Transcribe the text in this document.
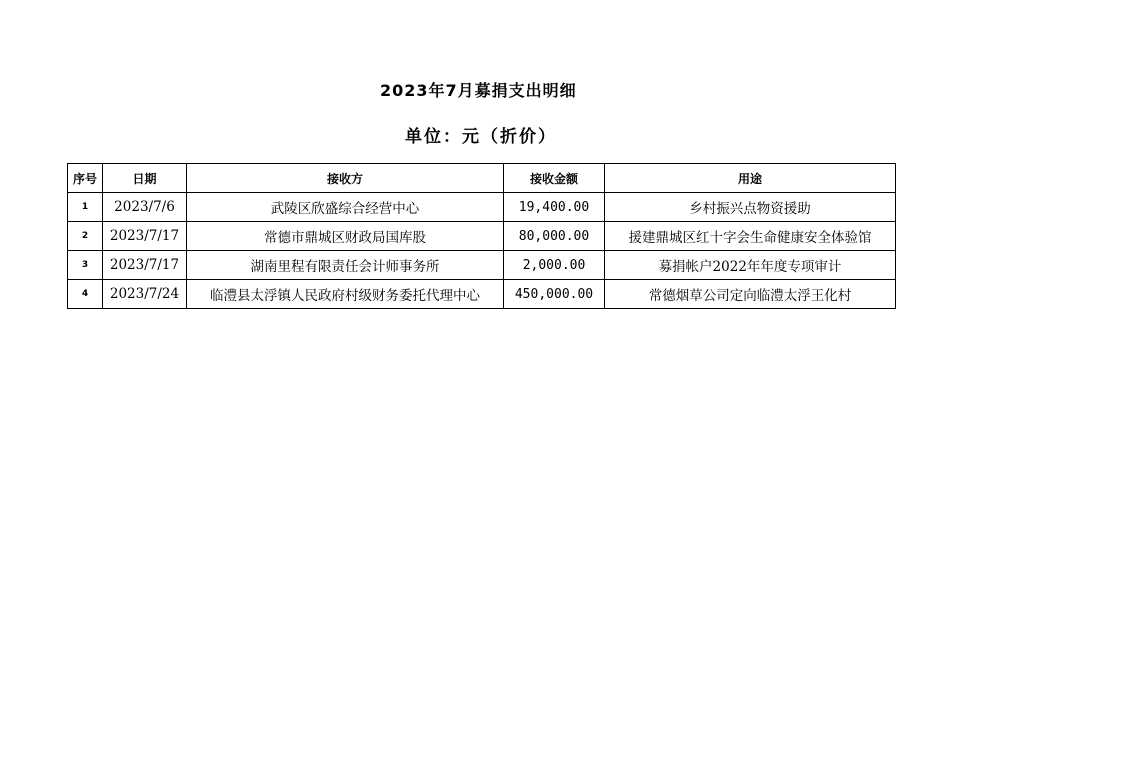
2023年7月募捐支出明细
单位：元（折价）
序号	日期	接收方	接收金额	用途
1	2023/7/6	武陵区欣盛综合经营中心	19,400.00	乡村振兴点物资援助
2	2023/7/17	常德市鼎城区财政局国库股	80,000.00	援建鼎城区红十字会生命健康安全体验馆
3	2023/7/17	湖南里程有限责任会计师事务所	2,000.00	募捐帐户2022年年度专项审计
4	2023/7/24	临澧县太浮镇人民政府村级财务委托代理中心	450,000.00	常德烟草公司定向临澧太浮王化村
